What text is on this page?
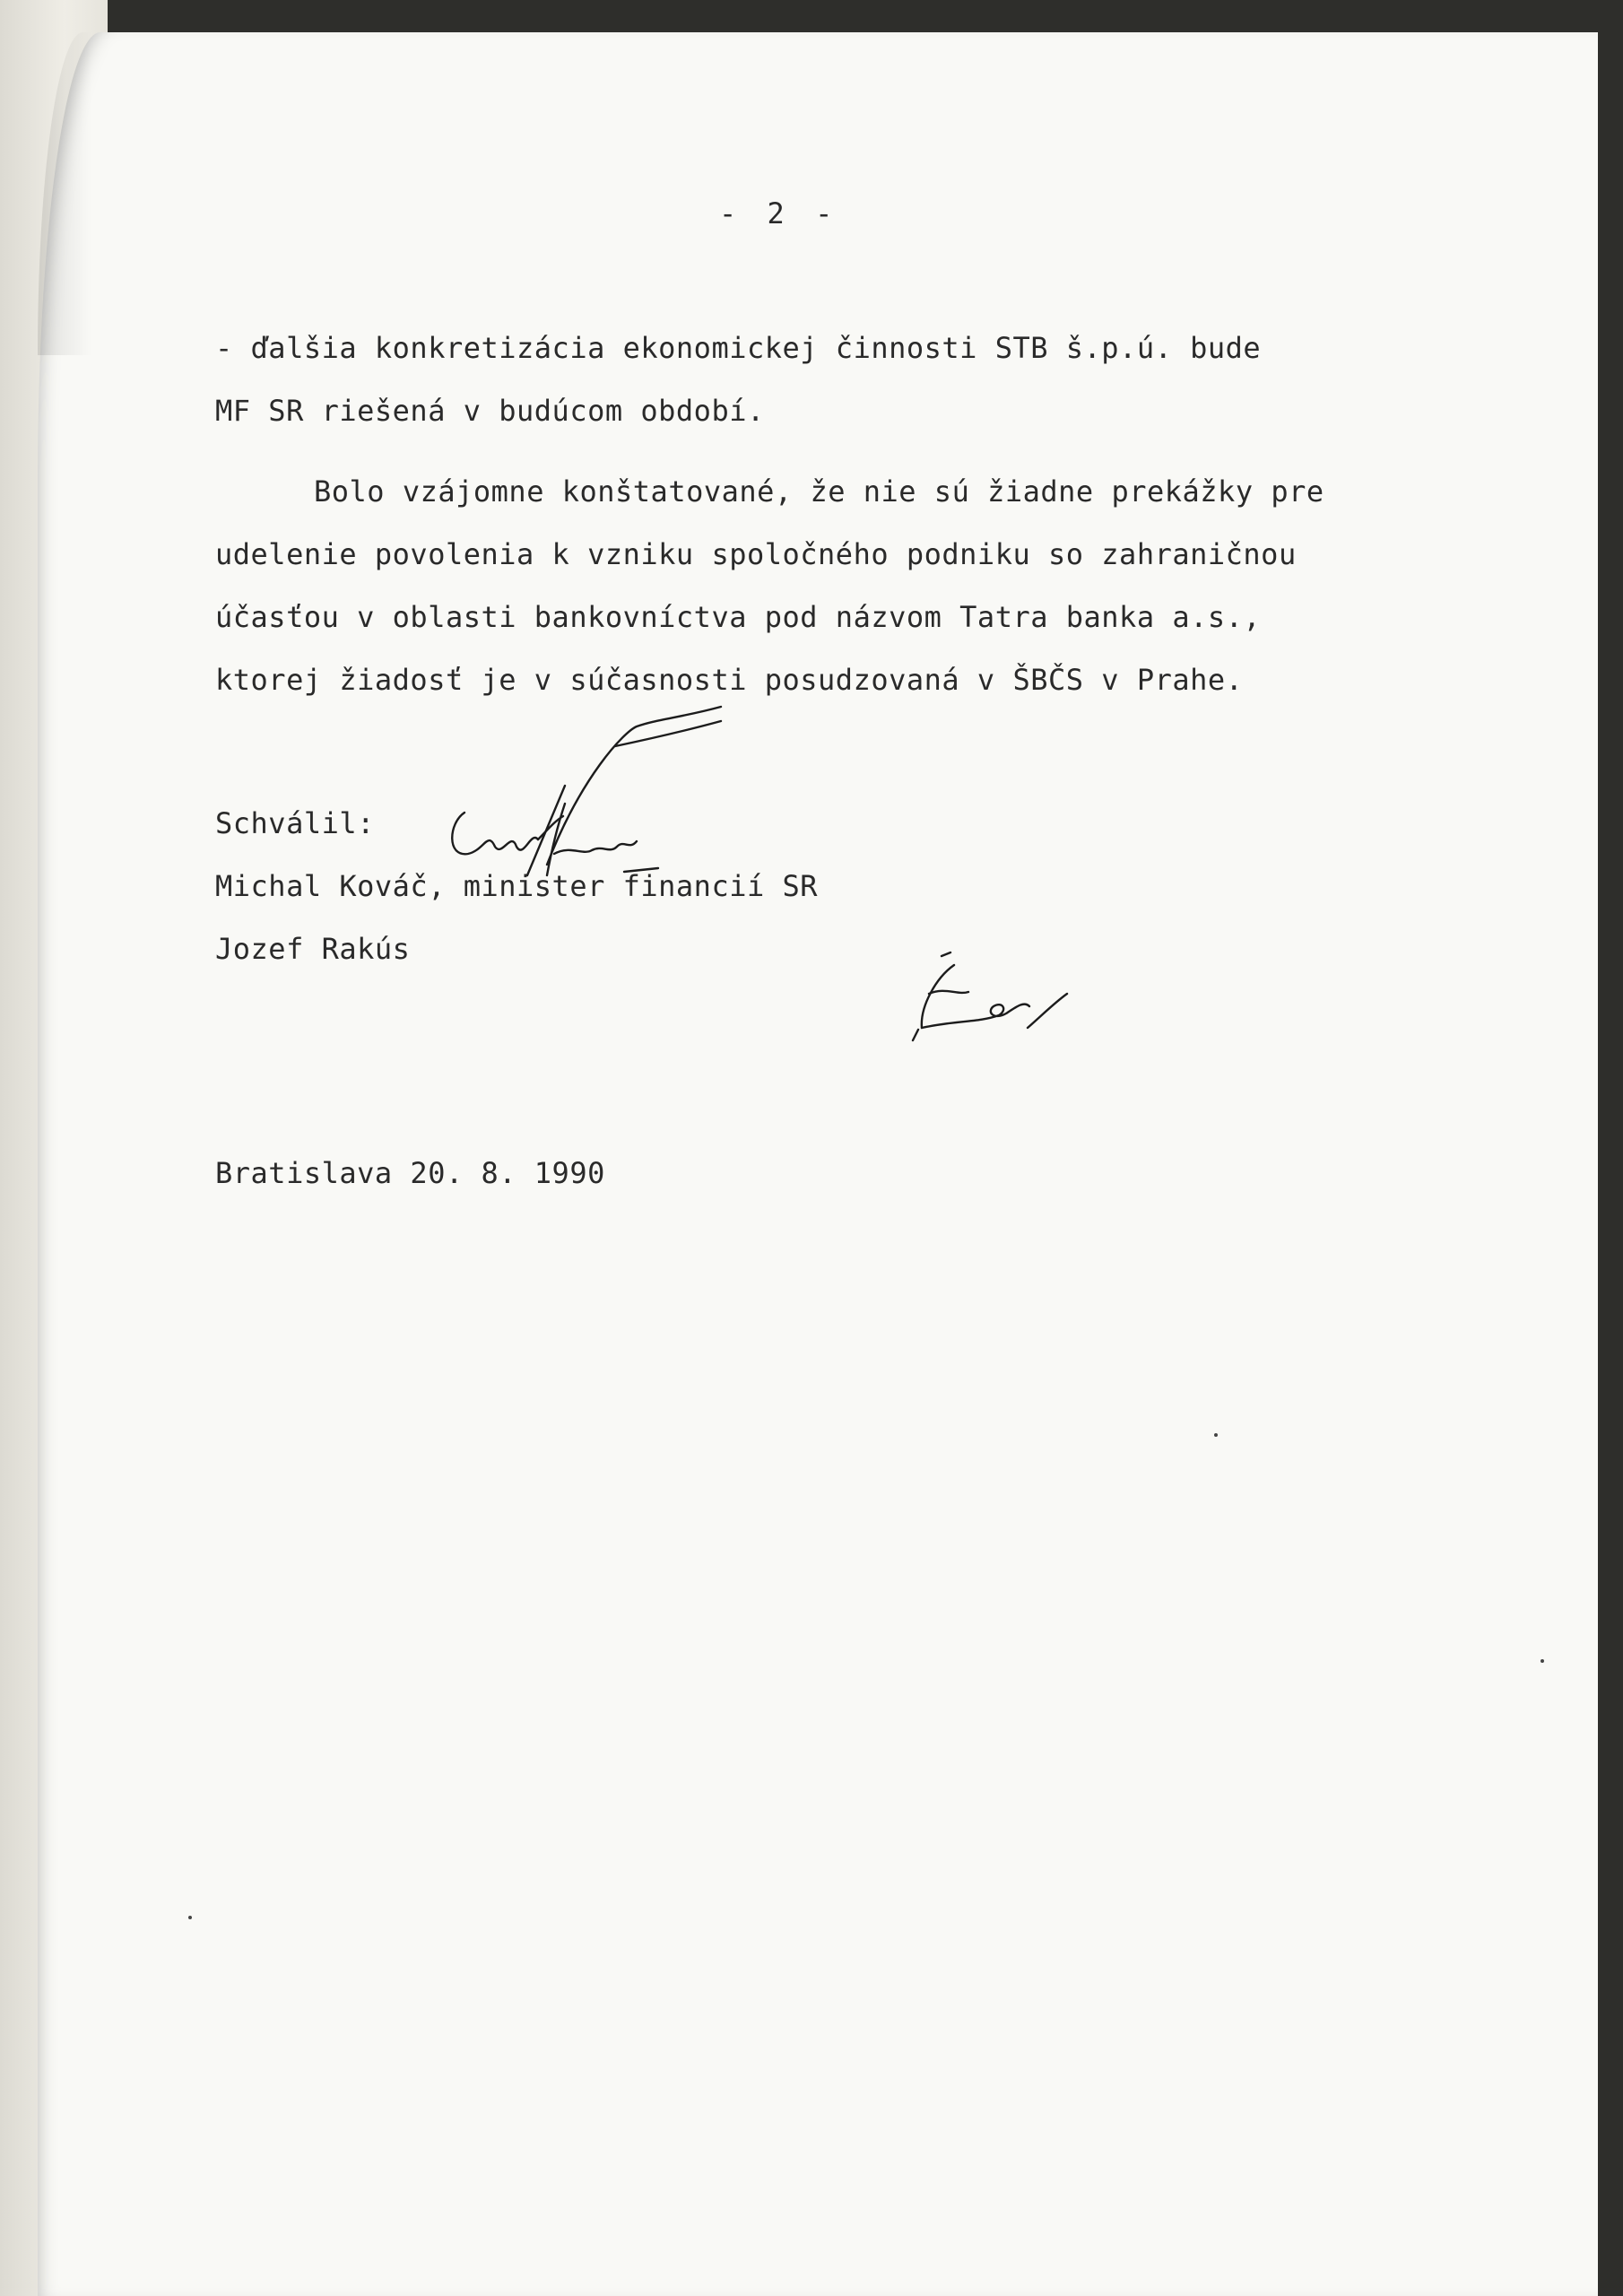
- 2 -

- ďalšia konkretizácia ekonomickej činnosti STB š.p.ú. bude

MF SR riešená v budúcom období.

Bolo vzájomne konštatované, že nie sú žiadne prekážky pre

udelenie povolenia k vzniku spoločného podniku so zahraničnou

účasťou v oblasti bankovníctva pod názvom Tatra banka a.s.,

ktorej žiadosť je v súčasnosti posudzovaná v ŠBČS v Prahe.

Schválil:

Michal Kováč, minister financií SR

Jozef Rakús

Bratislava 20. 8. 1990
